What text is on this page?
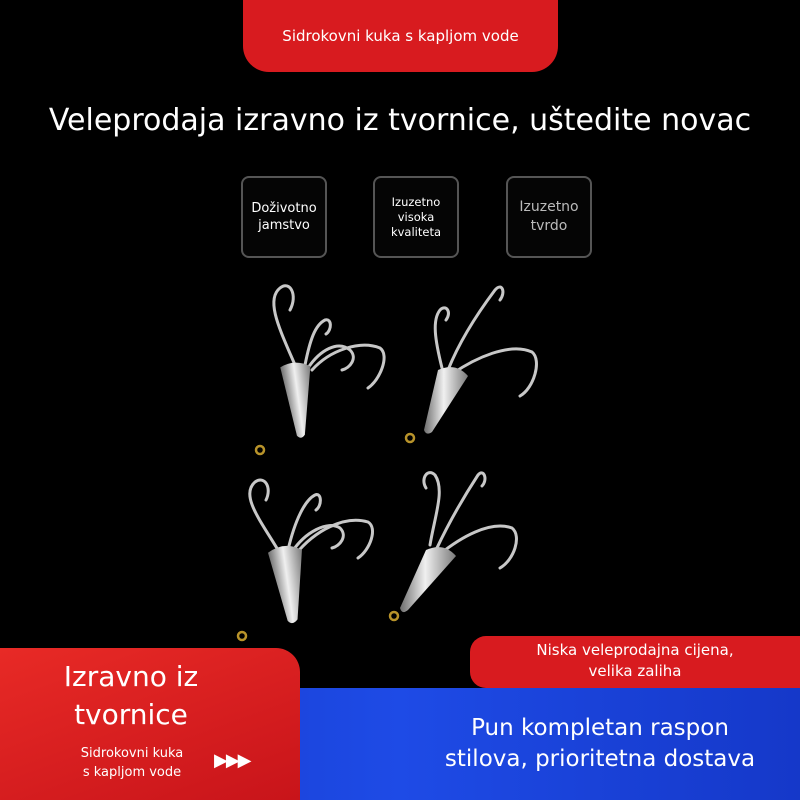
Sidrokovni kuka s kapljom vode
Veleprodaja izravno iz tvornice, uštedite novac
Doživotno
jamstvo
Izuzetno
visoka
kvaliteta
Izuzetno
tvrdo
Izravno iz
tvornice
Sidrokovni kuka
s kapljom vode
▶▶▶
Niska veleprodajna cijena,
velika zaliha
Pun kompletan raspon
stilova, prioritetna dostava
